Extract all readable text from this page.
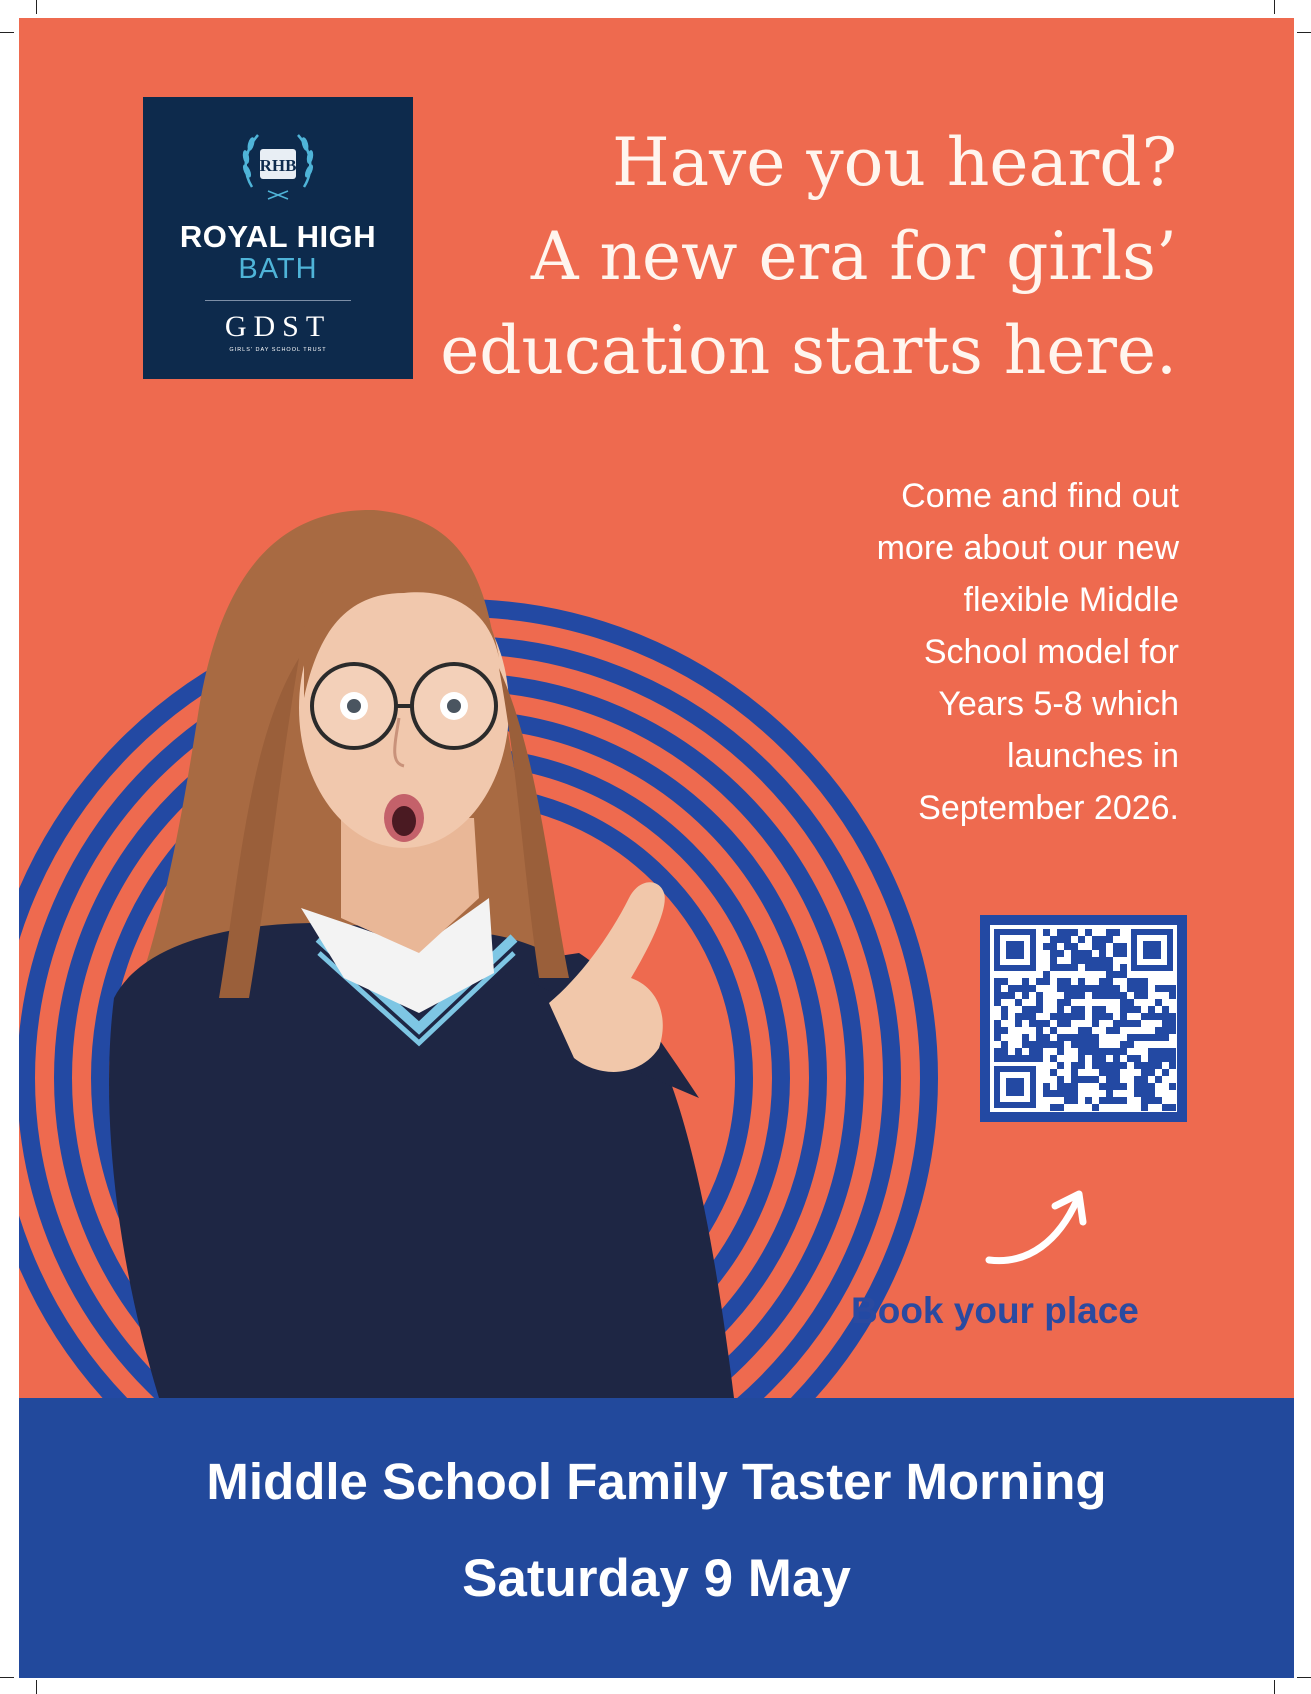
RHB
ROYAL HIGH
BATH
GDST
GIRLS' DAY SCHOOL TRUST
Have you heard?
A new era for girls’
education starts here.
Come and find out
more about our new
flexible Middle
School model for
Years 5-8 which
launches in
September 2026.
Book your place
Middle School Family Taster Morning
Saturday 9 May
